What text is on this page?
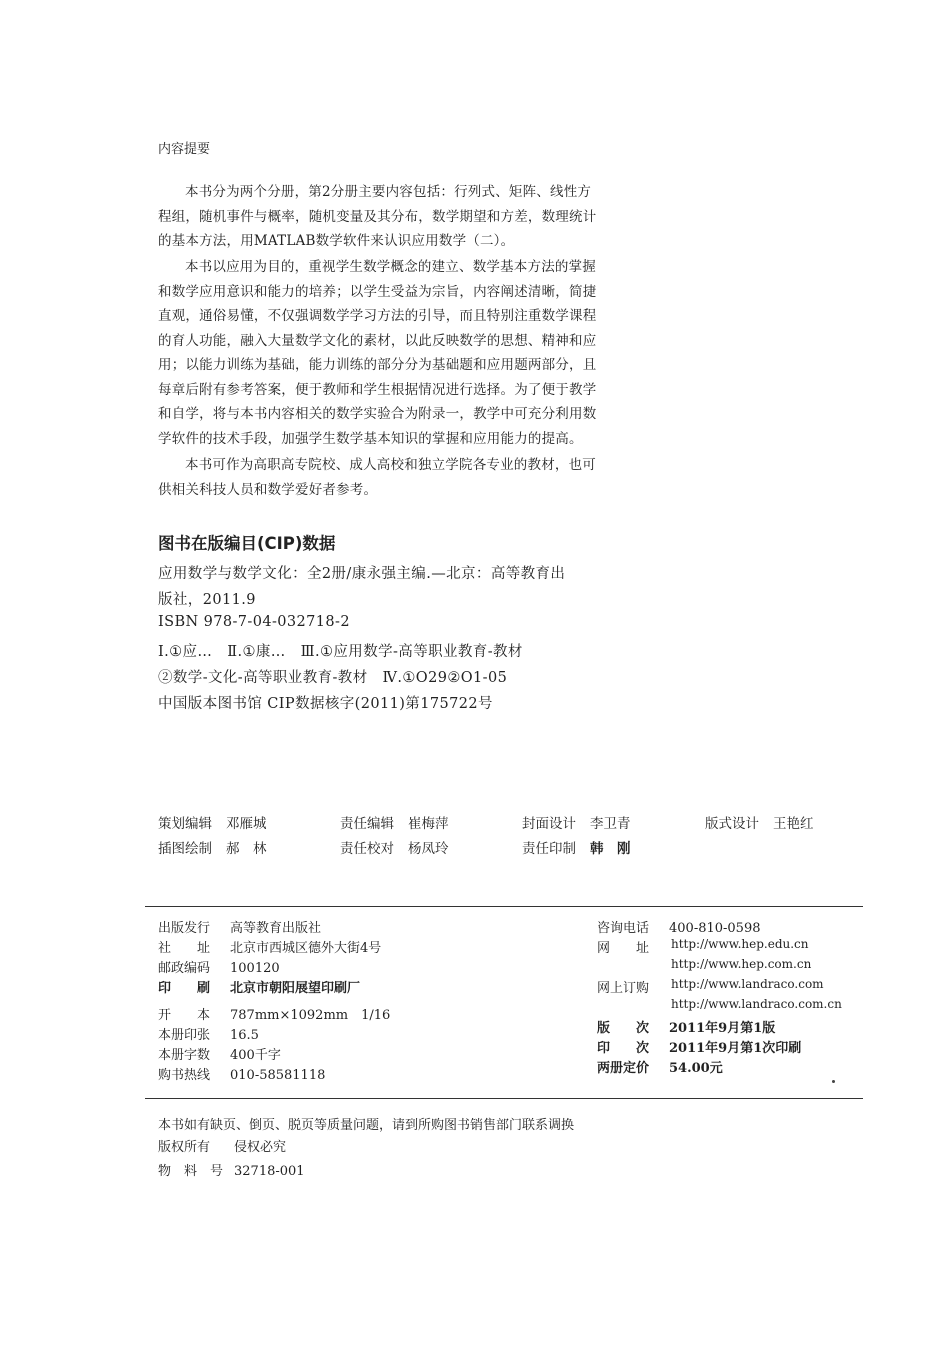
内容提要
本书分为两个分册，第2分册主要内容包括：行列式、矩阵、线性方
程组，随机事件与概率，随机变量及其分布，数学期望和方差，数理统计
的基本方法，用MATLAB数学软件来认识应用数学（二）。
本书以应用为目的，重视学生数学概念的建立、数学基本方法的掌握
和数学应用意识和能力的培养；以学生受益为宗旨，内容阐述清晰，简捷
直观，通俗易懂，不仅强调数学学习方法的引导，而且特别注重数学课程
的育人功能，融入大量数学文化的素材，以此反映数学的思想、精神和应
用；以能力训练为基础，能力训练的部分分为基础题和应用题两部分，且
每章后附有参考答案，便于教师和学生根据情况进行选择。为了便于教学
和自学，将与本书内容相关的数学实验合为附录一，教学中可充分利用数
学软件的技术手段，加强学生数学基本知识的掌握和应用能力的提高。
本书可作为高职高专院校、成人高校和独立学院各专业的教材，也可
供相关科技人员和数学爱好者参考。
图书在版编目(CIP)数据
应用数学与数学文化：全2册/康永强主编.—北京：高等教育出
版社，2011.9
ISBN 978-7-04-032718-2
Ⅰ.①应…　Ⅱ.①康…　Ⅲ.①应用数学-高等职业教育-教材
②数学-文化-高等职业教育-教材　Ⅳ.①O29②O1-05
中国版本图书馆 CIP数据核字(2011)第175722号
策划编辑 邓雁城	责任编辑 崔梅萍	封面设计 李卫青	版式设计 王艳红
插图绘制 郝　林	责任校对 杨凤玲	责任印制 韩　刚
出版发行 高等教育出版社
社　　址 北京市西城区德外大街4号
邮政编码 100120
印　　刷 北京市朝阳展望印刷厂
开　　本 787mm×1092mm　1/16
本册印张 16.5
本册字数 400千字
购书热线 010-58581118
咨询电话 400-810-0598
网　　址	http://www.hep.edu.cn
http://www.hep.com.cn
网上订购	http://www.landraco.com
http://www.landraco.com.cn
版　　次 2011年9月第1版
印　　次 2011年9月第1次印刷
两册定价 54.00元
本书如有缺页、倒页、脱页等质量问题，请到所购图书销售部门联系调换
版权所有 侵权必究
物　料　号 32718-001
